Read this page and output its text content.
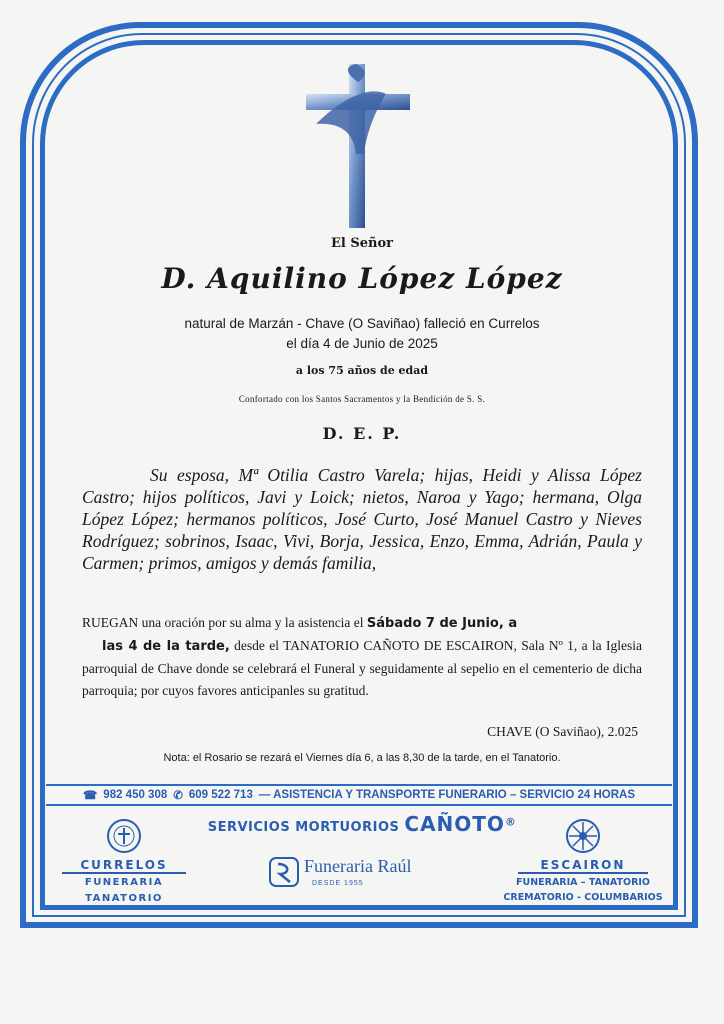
El Señor
D. Aquilino López López
natural de Marzán - Chave (O Saviñao) falleció en Currelos
el día 4 de Junio de 2025
a los 75 años de edad
Confortado con los Santos Sacramentos y la Bendición de S. S.
D. E. P.
Su esposa, Mª Otilia Castro Varela; hijas, Heidi y Alissa López Castro; hijos políticos, Javi y Loick; nietos, Naroa y Yago; hermana, Olga López López; hermanos políticos, José Curto, José Manuel Castro y Nieves Rodríguez; sobrinos, Isaac, Vivi, Borja, Jessica, Enzo, Emma, Adrián, Paula y Carmen; primos, amigos y demás familia,
RUEGAN una oración por su alma y la asistencia el Sábado 7 de Junio, a
las 4 de la tarde, desde el TANATORIO CAÑOTO DE ESCAIRON, Sala Nº 1, a la Iglesia parroquial de Chave donde se celebrará el Funeral y seguidamente al sepelio en el cementerio de dicha parroquia; por cuyos favores anticipanles su gratitud.
CHAVE (O Saviñao), 2.025
Nota: el Rosario se rezará el Viernes día 6, a las 8,30 de la tarde, en el Tanatorio.
☎ 982 450 308 ✆ 609 522 713 — ASISTENCIA Y TRANSPORTE FUNERARIO – SERVICIO 24 HORAS
SERVICIOS MORTUORIOS CAÑOTO®
CURRELOS
FUNERARIA
TANATORIO
Funeraria Raúl
DESDE 1955
ESCAIRON
FUNERARIA – TANATORIO
CREMATORIO - COLUMBARIOS
